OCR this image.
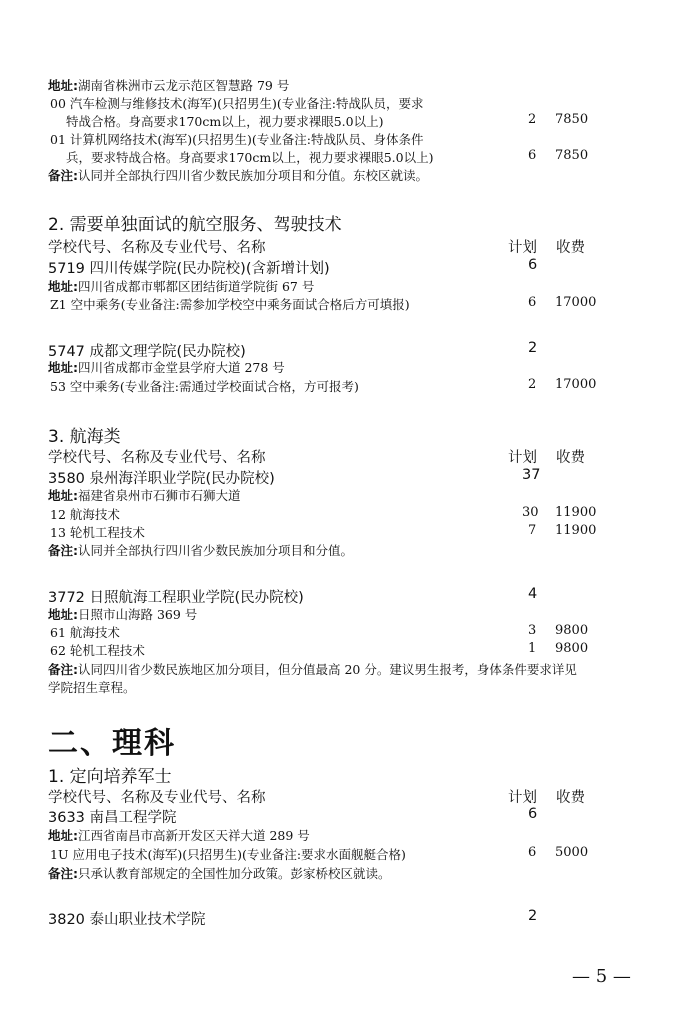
地址:湖南省株洲市云龙示范区智慧路 79 号
00 汽车检测与维修技术(海军)(只招男生)(专业备注:特战队员，要求
特战合格。身高要求170cm以上，视力要求裸眼5.0以上)	2 7850
01 计算机网络技术(海军)(只招男生)(专业备注:特战队员、身体条件
兵，要求特战合格。身高要求170cm以上，视力要求裸眼5.0以上)	6 7850
备注:认同并全部执行四川省少数民族加分项目和分值。东校区就读。
2. 需要单独面试的航空服务、驾驶技术
学校代号、名称及专业代号、名称	计划 收费
5719 四川传媒学院(民办院校)(含新增计划)	6
地址:四川省成都市郫都区团结街道学院街 67 号
Z1 空中乘务(专业备注:需参加学校空中乘务面试合格后方可填报)	6 17000
5747 成都文理学院(民办院校)	2
地址:四川省成都市金堂县学府大道 278 号
53 空中乘务(专业备注:需通过学校面试合格，方可报考)	2 17000
3. 航海类
学校代号、名称及专业代号、名称	计划 收费
3580 泉州海洋职业学院(民办院校)	37
地址:福建省泉州市石狮市石狮大道
12 航海技术	30 11900
13 轮机工程技术	7 11900
备注:认同并全部执行四川省少数民族加分项目和分值。
3772 日照航海工程职业学院(民办院校)	4
地址:日照市山海路 369 号
61 航海技术	3 9800
62 轮机工程技术	1 9800
备注:认同四川省少数民族地区加分项目，但分值最高 20 分。建议男生报考，身体条件要求详见
学院招生章程。
二、理科
1. 定向培养军士
学校代号、名称及专业代号、名称	计划 收费
3633 南昌工程学院	6
地址:江西省南昌市高新开发区天祥大道 289 号
1U 应用电子技术(海军)(只招男生)(专业备注:要求水面舰艇合格)	6 5000
备注:只承认教育部规定的全国性加分政策。彭家桥校区就读。
3820 泰山职业技术学院	2
— 5 —
